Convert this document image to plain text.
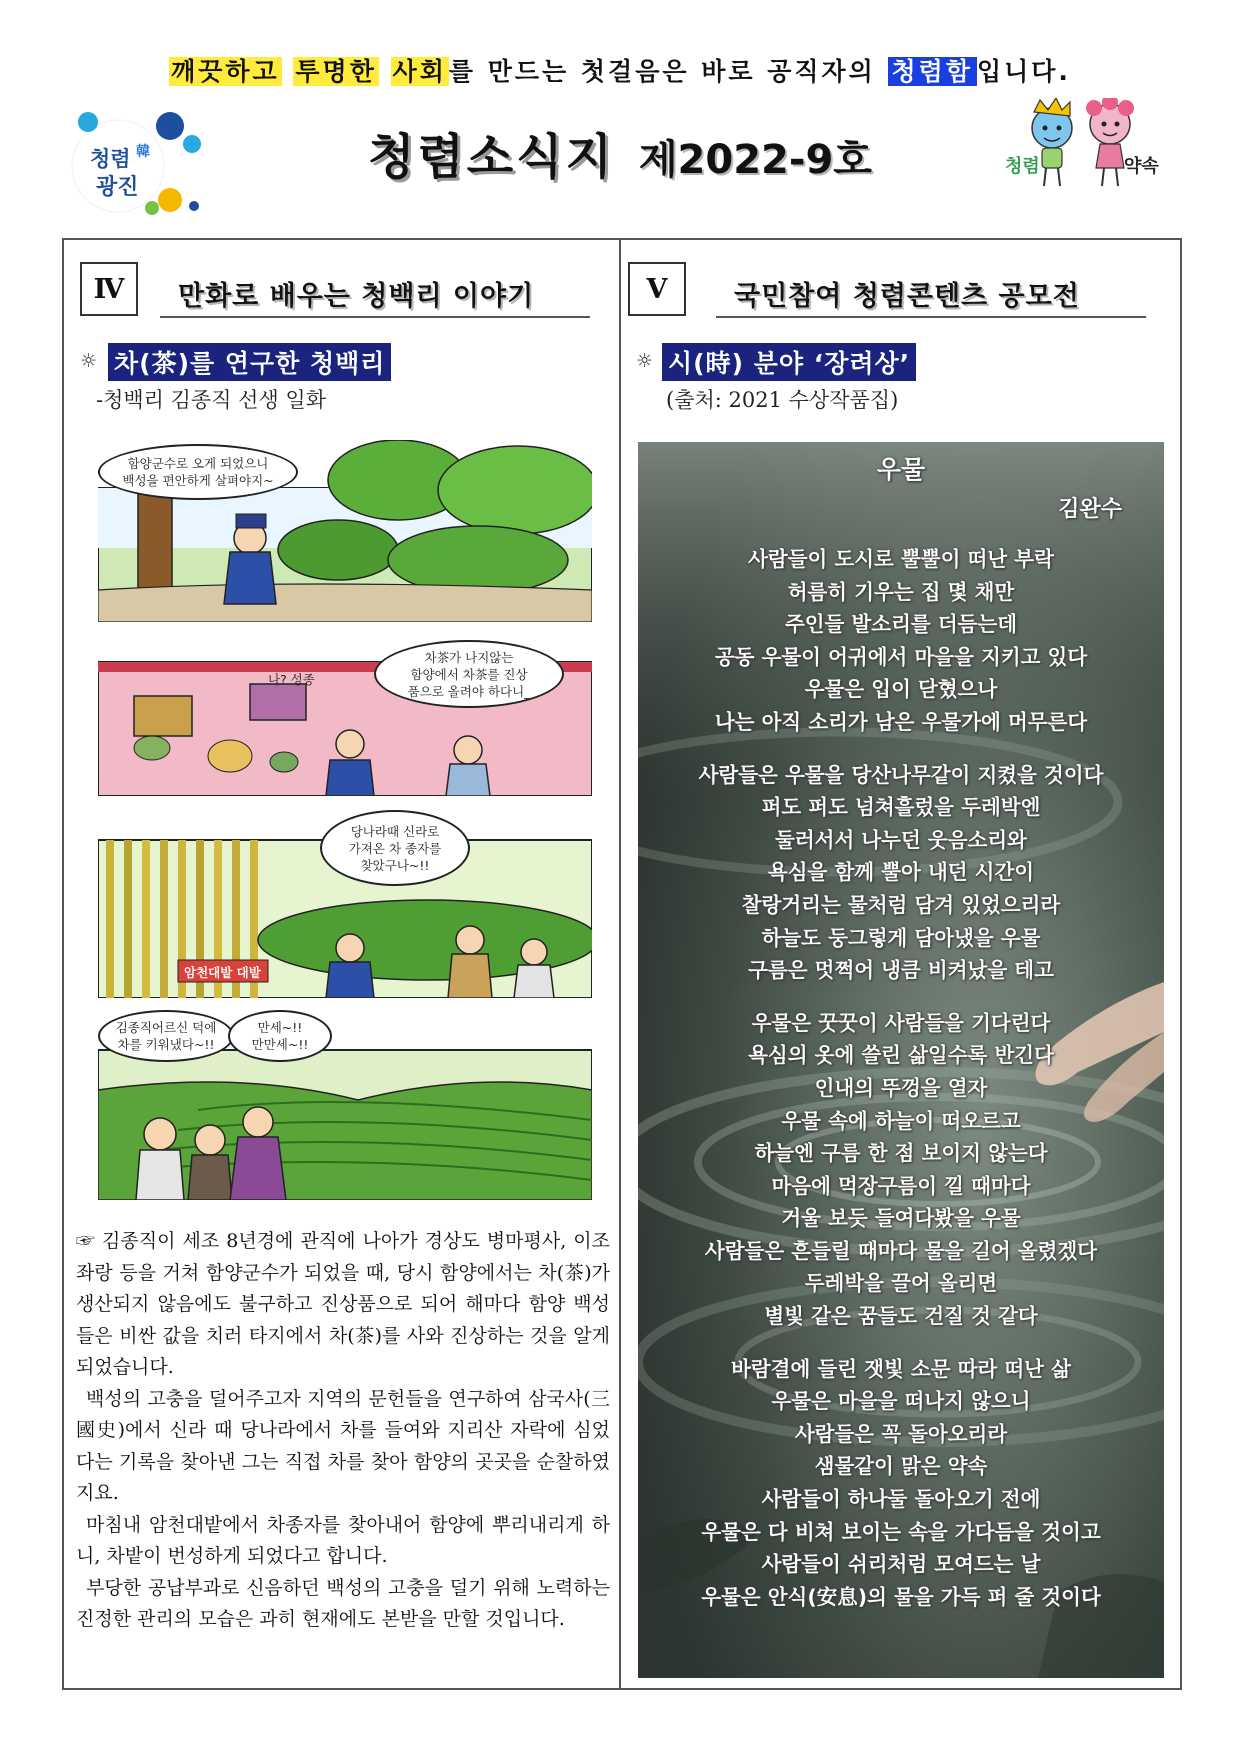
깨끗하고 투명한 사회를 만드는 첫걸음은 바로 공직자의 청렴함 입니다.
청렴 韓
광진
청렴소식지 제2022-9호	청렴	약속
Ⅳ	만화로 배우는 청백리 이야기
☼ 차(茶)를 연구한 청백리
-청백리 김종직 선생 일화
함양군수로 오게 되었으니
백성을 편안하게 살펴야지~
나? 성종
차茶가 나지않는
함양에서 차茶를 진상
품으로 올려야 하다니_
당나라때 신라로
가져온 차 종자를
찾았구나~!!
암천대밭 대밭
김종직어르신 덕에
차를 키워냈다~!!
만세~!!
만만세~!!

☞ 김종직이 세조 8년경에 관직에 나아가 경상도 병마평사, 이조좌랑 등을 거쳐 함양군수가 되었을 때, 당시 함양에서는 차(茶)가 생산되지 않음에도 불구하고 진상품으로 되어 해마다 함양 백성들은 비싼 값을 치러 타지에서 차(茶)를 사와 진상하는 것을 알게 되었습니다.

백성의 고충을 덜어주고자 지역의 문헌들을 연구하여 삼국사(三國史)에서 신라 때 당나라에서 차를 들여와 지리산 자락에 심었다는 기록을 찾아낸 그는 직접 차를 찾아 함양의 곳곳을 순찰하였지요.

마침내 암천대밭에서 차종자를 찾아내어 함양에 뿌리내리게 하니, 차밭이 번성하게 되었다고 합니다.

부당한 공납부과로 신음하던 백성의 고충을 덜기 위해 노력하는 진정한 관리의 모습은 과히 현재에도 본받을 만할 것입니다.

Ⅴ	국민참여 청렴콘텐츠 공모전
☼ 시(時) 분야 ‘장려상’
(출처: 2021 수상작품집)
우물
김완수
사람들이 도시로 뿔뿔이 떠난 부락
허름히 기우는 집 몇 채만
주인들 발소리를 더듬는데
공동 우물이 어귀에서 마을을 지키고 있다
우물은 입이 닫혔으나
나는 아직 소리가 남은 우물가에 머무른다
사람들은 우물을 당산나무같이 지켰을 것이다
퍼도 퍼도 넘쳐흘렀을 두레박엔
둘러서서 나누던 웃음소리와
욕심을 함께 뿔아 내던 시간이
찰랑거리는 물처럼 담겨 있었으리라
하늘도 둥그렇게 담아냈을 우물
구름은 멋쩍어 냉큼 비켜났을 테고
우물은 꿋꿋이 사람들을 기다린다
욕심의 옷에 쓸린 삶일수록 반긴다
인내의 뚜껑을 열자
우물 속에 하늘이 떠오르고
하늘엔 구름 한 점 보이지 않는다
마음에 먹장구름이 낄 때마다
거울 보듯 들여다봤을 우물
사람들은 흔들릴 때마다 물을 길어 올렸겠다
두레박을 끌어 올리면
별빛 같은 꿈들도 건질 것 같다
바람결에 들린 잿빛 소문 따라 떠난 삶
우물은 마을을 떠나지 않으니
사람들은 꼭 돌아오리라
샘물같이 맑은 약속
사람들이 하나둘 돌아오기 전에
우물은 다 비쳐 보이는 속을 가다듬을 것이고
사람들이 쉬리처럼 모여드는 날
우물은 안식(安息)의 물을 가득 퍼 줄 것이다
